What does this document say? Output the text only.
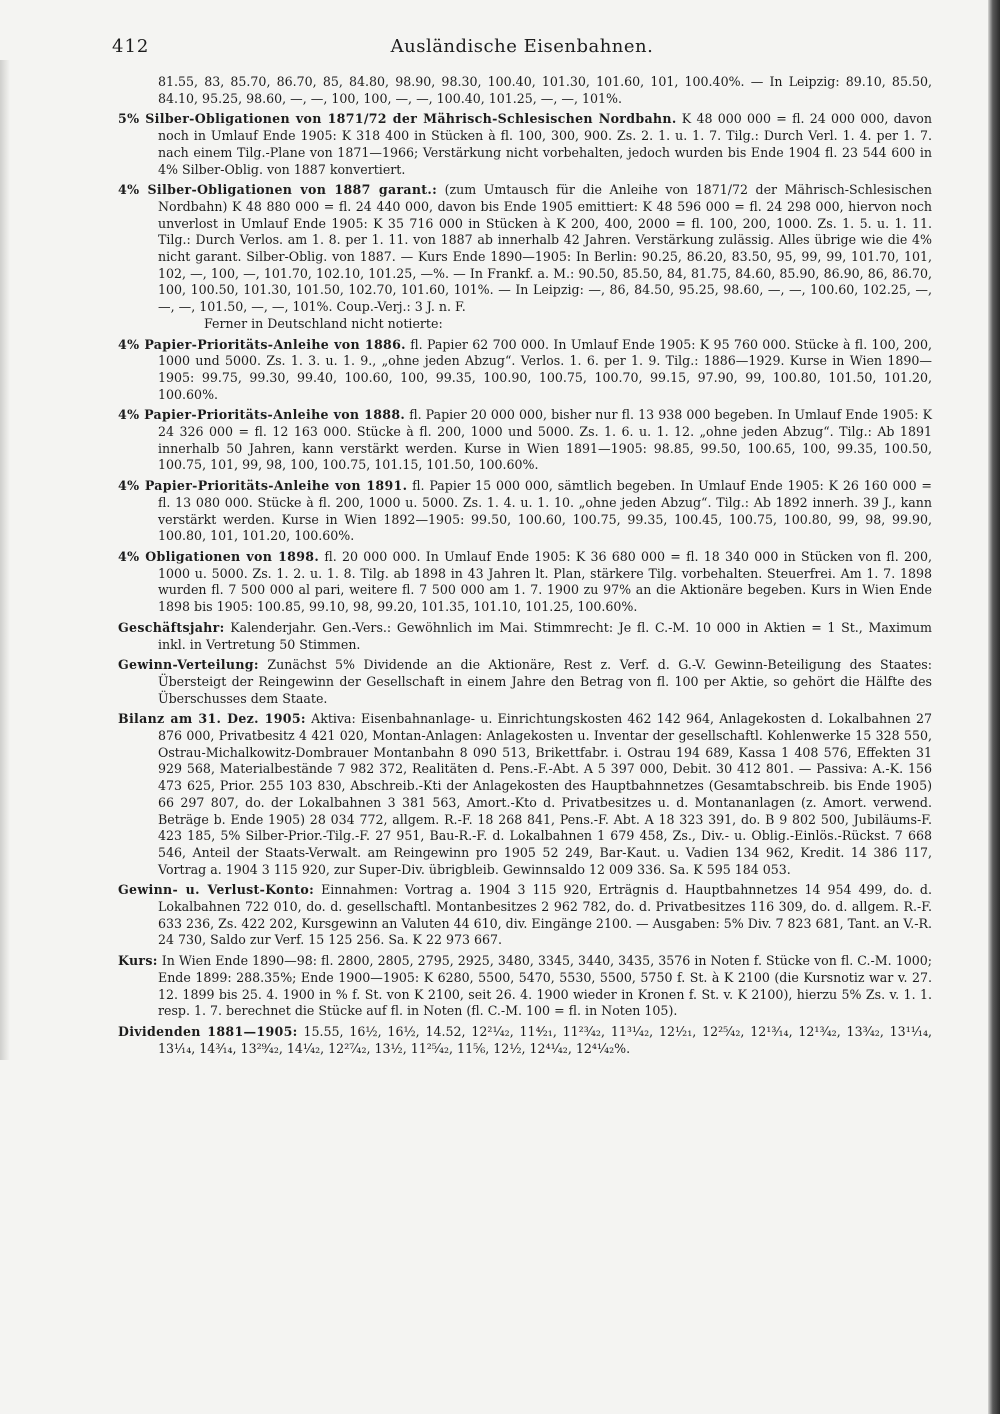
412	Ausländische Eisenbahnen.

81.55, 83, 85.70, 86.70, 85, 84.80, 98.90, 98.30, 100.40, 101.30, 101.60, 101, 100.40%. — In Leipzig: 89.10, 85.50, 84.10, 95.25, 98.60, —, —, 100, 100, —, —, 100.40, 101.25, —, —, 101%.

5% Silber-Obligationen von 1871/72 der Mährisch-Schlesischen Nordbahn. K 48 000 000 = fl. 24 000 000, davon noch in Umlauf Ende 1905: K 318 400 in Stücken à fl. 100, 300, 900. Zs. 2. 1. u. 1. 7. Tilg.: Durch Verl. 1. 4. per 1. 7. nach einem Tilg.-Plane von 1871—1966; Verstärkung nicht vorbehalten, jedoch wurden bis Ende 1904 fl. 23 544 600 in 4% Silber-Oblig. von 1887 konvertiert.

4% Silber-Obligationen von 1887 garant.: (zum Umtausch für die Anleihe von 1871/72 der Mährisch-Schlesischen Nordbahn) K 48 880 000 = fl. 24 440 000, davon bis Ende 1905 emittiert: K 48 596 000 = fl. 24 298 000, hiervon noch unverlost in Umlauf Ende 1905: K 35 716 000 in Stücken à K 200, 400, 2000 = fl. 100, 200, 1000. Zs. 1. 5. u. 1. 11. Tilg.: Durch Verlos. am 1. 8. per 1. 11. von 1887 ab innerhalb 42 Jahren. Verstärkung zulässig. Alles übrige wie die 4% nicht garant. Silber-Oblig. von 1887. — Kurs Ende 1890—1905: In Berlin: 90.25, 86.20, 83.50, 95, 99, 99, 101.70, 101, 102, —, 100, —, 101.70, 102.10, 101.25, —%. — In Frankf. a. M.: 90.50, 85.50, 84, 81.75, 84.60, 85.90, 86.90, 86, 86.70, 100, 100.50, 101.30, 101.50, 102.70, 101.60, 101%. — In Leipzig: —, 86, 84.50, 95.25, 98.60, —, —, 100.60, 102.25, —, —, —, 101.50, —, —, 101%. Coup.-Verj.: 3 J. n. F.

Ferner in Deutschland nicht notierte:

4% Papier-Prioritäts-Anleihe von 1886. fl. Papier 62 700 000. In Umlauf Ende 1905: K 95 760 000. Stücke à fl. 100, 200, 1000 und 5000. Zs. 1. 3. u. 1. 9., „ohne jeden Abzug“. Verlos. 1. 6. per 1. 9. Tilg.: 1886—1929. Kurse in Wien 1890—1905: 99.75, 99.30, 99.40, 100.60, 100, 99.35, 100.90, 100.75, 100.70, 99.15, 97.90, 99, 100.80, 101.50, 101.20, 100.60%.

4% Papier-Prioritäts-Anleihe von 1888. fl. Papier 20 000 000, bisher nur fl. 13 938 000 begeben. In Umlauf Ende 1905: K 24 326 000 = fl. 12 163 000. Stücke à fl. 200, 1000 und 5000. Zs. 1. 6. u. 1. 12. „ohne jeden Abzug“. Tilg.: Ab 1891 innerhalb 50 Jahren, kann verstärkt werden. Kurse in Wien 1891—1905: 98.85, 99.50, 100.65, 100, 99.35, 100.50, 100.75, 101, 99, 98, 100, 100.75, 101.15, 101.50, 100.60%.

4% Papier-Prioritäts-Anleihe von 1891. fl. Papier 15 000 000, sämtlich begeben. In Umlauf Ende 1905: K 26 160 000 = fl. 13 080 000. Stücke à fl. 200, 1000 u. 5000. Zs. 1. 4. u. 1. 10. „ohne jeden Abzug“. Tilg.: Ab 1892 innerh. 39 J., kann verstärkt werden. Kurse in Wien 1892—1905: 99.50, 100.60, 100.75, 99.35, 100.45, 100.75, 100.80, 99, 98, 99.90, 100.80, 101, 101.20, 100.60%.

4% Obligationen von 1898. fl. 20 000 000. In Umlauf Ende 1905: K 36 680 000 = fl. 18 340 000 in Stücken von fl. 200, 1000 u. 5000. Zs. 1. 2. u. 1. 8. Tilg. ab 1898 in 43 Jahren lt. Plan, stärkere Tilg. vorbehalten. Steuerfrei. Am 1. 7. 1898 wurden fl. 7 500 000 al pari, weitere fl. 7 500 000 am 1. 7. 1900 zu 97% an die Aktionäre begeben. Kurs in Wien Ende 1898 bis 1905: 100.85, 99.10, 98, 99.20, 101.35, 101.10, 101.25, 100.60%.

Geschäftsjahr: Kalenderjahr. Gen.-Vers.: Gewöhnlich im Mai. Stimmrecht: Je fl. C.-M. 10 000 in Aktien = 1 St., Maximum inkl. in Vertretung 50 Stimmen.

Gewinn-Verteilung: Zunächst 5% Dividende an die Aktionäre, Rest z. Verf. d. G.-V. Gewinn-Beteiligung des Staates: Übersteigt der Reingewinn der Gesellschaft in einem Jahre den Betrag von fl. 100 per Aktie, so gehört die Hälfte des Überschusses dem Staate.

Bilanz am 31. Dez. 1905: Aktiva: Eisenbahnanlage- u. Einrichtungskosten 462 142 964, Anlagekosten d. Lokalbahnen 27 876 000, Privatbesitz 4 421 020, Montan-Anlagen: Anlagekosten u. Inventar der gesellschaftl. Kohlenwerke 15 328 550, Ostrau-Michalkowitz-Dombrauer Montanbahn 8 090 513, Brikettfabr. i. Ostrau 194 689, Kassa 1 408 576, Effekten 31 929 568, Materialbestände 7 982 372, Realitäten d. Pens.-F.-Abt. A 5 397 000, Debit. 30 412 801. — Passiva: A.-K. 156 473 625, Prior. 255 103 830, Abschreib.-Kti der Anlagekosten des Hauptbahnnetzes (Gesamtabschreib. bis Ende 1905) 66 297 807, do. der Lokalbahnen 3 381 563, Amort.-Kto d. Privatbesitzes u. d. Montananlagen (z. Amort. verwend. Beträge b. Ende 1905) 28 034 772, allgem. R.-F. 18 268 841, Pens.-F. Abt. A 18 323 391, do. B 9 802 500, Jubiläums-F. 423 185, 5% Silber-Prior.-Tilg.-F. 27 951, Bau-R.-F. d. Lokalbahnen 1 679 458, Zs., Div.- u. Oblig.-Einlös.-Rückst. 7 668 546, Anteil der Staats-Verwalt. am Reingewinn pro 1905 52 249, Bar-Kaut. u. Vadien 134 962, Kredit. 14 386 117, Vortrag a. 1904 3 115 920, zur Super-Div. übrigbleib. Gewinnsaldo 12 009 336. Sa. K 595 184 053.

Gewinn- u. Verlust-Konto: Einnahmen: Vortrag a. 1904 3 115 920, Erträgnis d. Hauptbahnnetzes 14 954 499, do. d. Lokalbahnen 722 010, do. d. gesellschaftl. Montanbesitzes 2 962 782, do. d. Privatbesitzes 116 309, do. d. allgem. R.-F. 633 236, Zs. 422 202, Kursgewinn an Valuten 44 610, div. Eingänge 2100. — Ausgaben: 5% Div. 7 823 681, Tant. an V.-R. 24 730, Saldo zur Verf. 15 125 256. Sa. K 22 973 667.

Kurs: In Wien Ende 1890—98: fl. 2800, 2805, 2795, 2925, 3480, 3345, 3440, 3435, 3576 in Noten f. Stücke von fl. C.-M. 1000; Ende 1899: 288.35%; Ende 1900—1905: K 6280, 5500, 5470, 5530, 5500, 5750 f. St. à K 2100 (die Kursnotiz war v. 27. 12. 1899 bis 25. 4. 1900 in % f. St. von K 2100, seit 26. 4. 1900 wieder in Kronen f. St. v. K 2100), hierzu 5% Zs. v. 1. 1. resp. 1. 7. berechnet die Stücke auf fl. in Noten (fl. C.-M. 100 = fl. in Noten 105).

Dividenden 1881—1905: 15.55, 16½, 16½, 14.52, 12²¹⁄₄₂, 11⁴⁄₂₁, 11²³⁄₄₂, 11³¹⁄₄₂, 12¹⁄₂₁, 12²⁵⁄₄₂, 12¹³⁄₁₄, 12¹³⁄₄₂, 13³⁄₄₂, 13¹¹⁄₁₄, 13¹⁄₁₄, 14³⁄₁₄, 13²⁹⁄₄₂, 14¹⁄₄₂, 12²⁷⁄₄₂, 13¹⁄₂, 11²⁵⁄₄₂, 11⁵⁄₆, 12¹⁄₂, 12⁴¹⁄₄₂, 12⁴¹⁄₄₂%.
